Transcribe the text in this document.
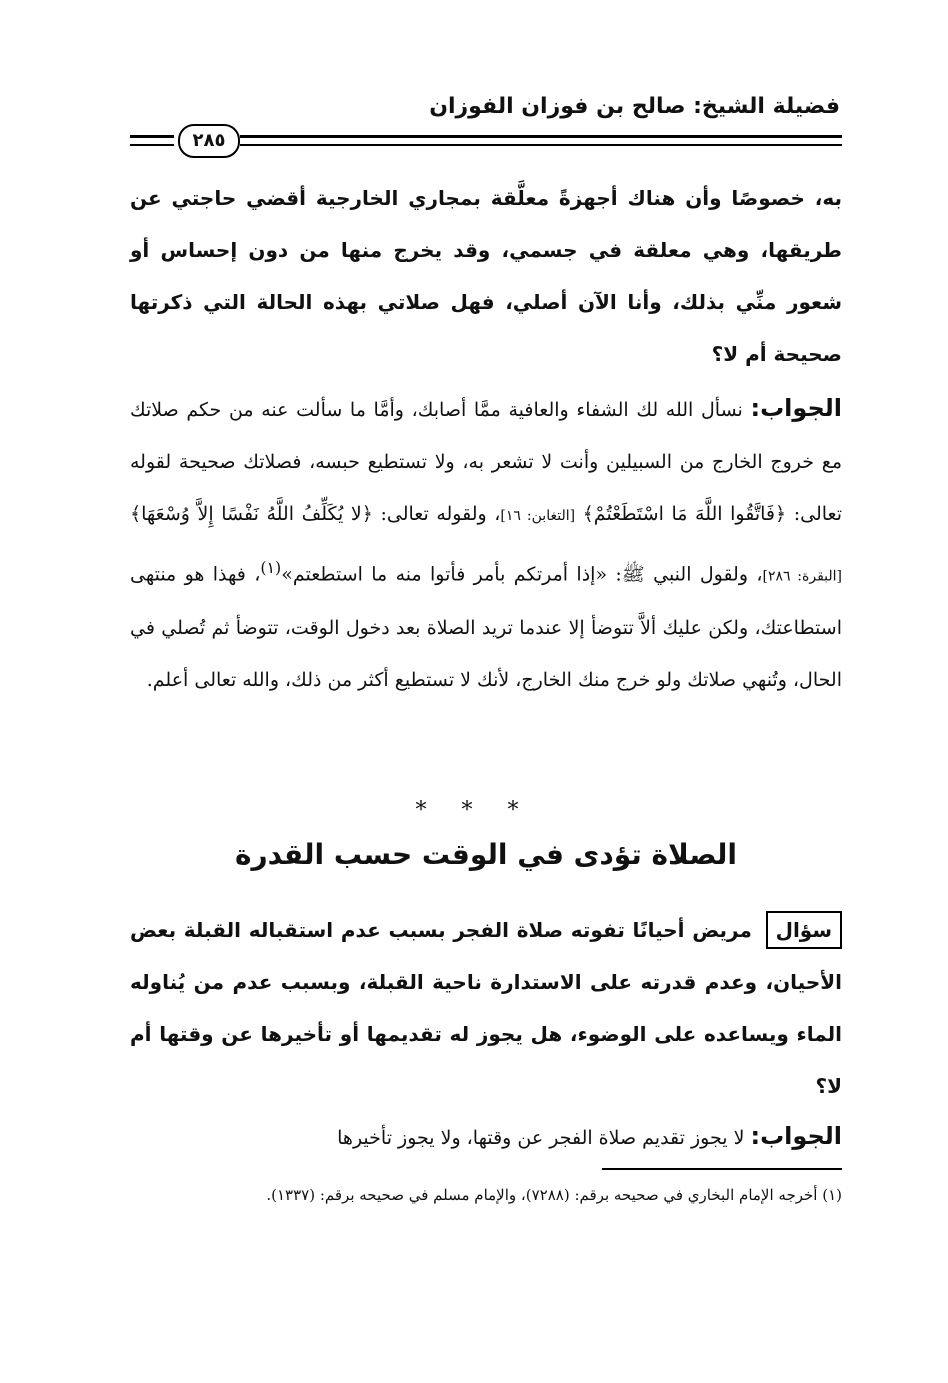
فضيلة الشيخ: صالح بن فوزان الفوزان
٢٨٥
به، خصوصًا وأن هناك أجهزةً معلَّقة بمجاري الخارجية أقضي حاجتي عن طريقها، وهي معلقة في جسمي، وقد يخرج منها من دون إحساس أو شعور منِّي بذلك، وأنا الآن أصلي، فهل صلاتي بهذه الحالة التي ذكرتها صحيحة أم لا؟
الجواب: نسأل الله لك الشفاء والعافية ممَّا أصابك، وأمَّا ما سألت عنه من حكم صلاتك مع خروج الخارج من السبيلين وأنت لا تشعر به، ولا تستطيع حبسه، فصلاتك صحيحة لقوله تعالى: ﴿فَاتَّقُوا اللَّهَ مَا اسْتَطَعْتُمْ﴾ [التغابن: ١٦]، ولقوله تعالى: ﴿لا يُكَلِّفُ اللَّهُ نَفْسًا إِلاَّ وُسْعَهَا﴾ [البقرة: ٢٨٦]، ولقول النبي ﷺ: «إذا أمرتكم بأمر فأتوا منه ما استطعتم»$^{(١)}$، فهذا هو منتهى استطاعتك، ولكن عليك ألاَّ تتوضأ إلا عندما تريد الصلاة بعد دخول الوقت، تتوضأ ثم تُصلي في الحال، وتُنهي صلاتك ولو خرج منك الخارج، لأنك لا تستطيع أكثر من ذلك، والله تعالى أعلم.
* * *
الصلاة تؤدى في الوقت حسب القدرة
سؤال مريض أحيانًا تفوته صلاة الفجر بسبب عدم استقباله القبلة بعض الأحيان، وعدم قدرته على الاستدارة ناحية القبلة، وبسبب عدم من يُناوله الماء ويساعده على الوضوء، هل يجوز له تقديمها أو تأخيرها عن وقتها أم لا؟
الجواب: لا يجوز تقديم صلاة الفجر عن وقتها، ولا يجوز تأخيرها
(١) أخرجه الإمام البخاري في صحيحه برقم: (٧٢٨٨)، والإمام مسلم في صحيحه برقم: (١٣٣٧).
